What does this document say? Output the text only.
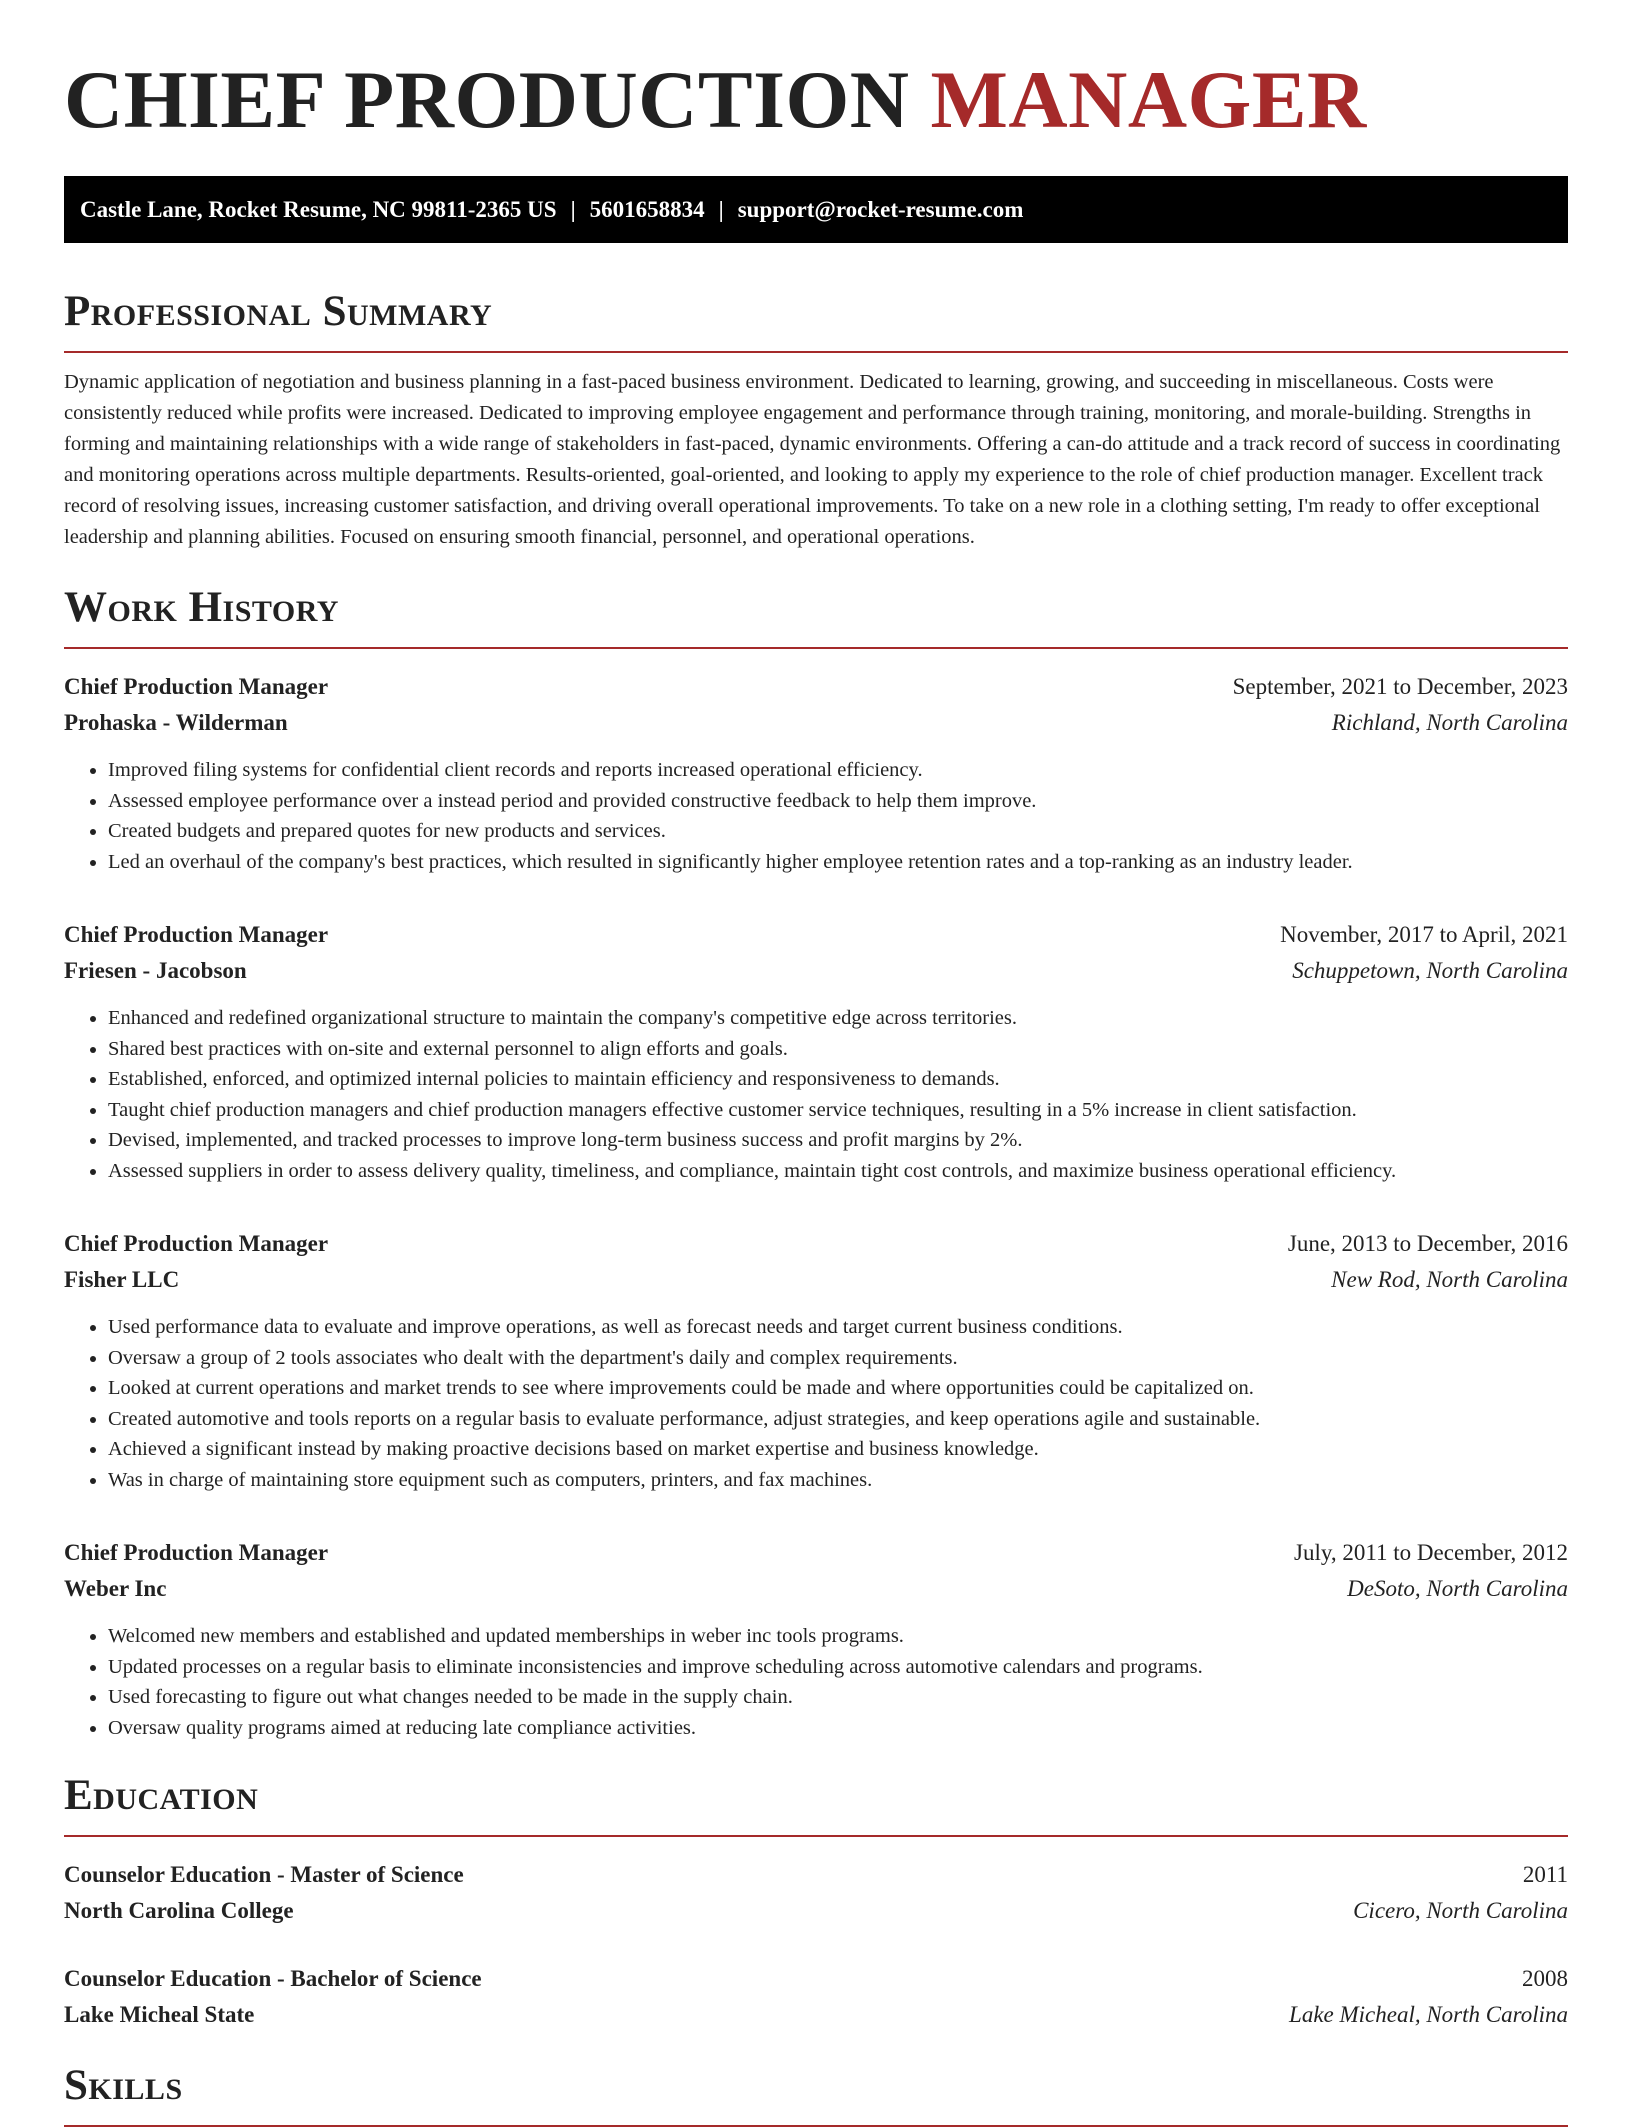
CHIEF PRODUCTION MANAGER
Castle Lane, Rocket Resume, NC 99811-2365 US | 5601658834 | support@rocket-resume.com
Professional Summary

Dynamic application of negotiation and business planning in a fast-paced business environment. Dedicated to learning, growing, and succeeding in miscellaneous. Costs were consistently reduced while profits were increased. Dedicated to improving employee engagement and performance through training, monitoring, and morale-building. Strengths in forming and maintaining relationships with a wide range of stakeholders in fast-paced, dynamic environments. Offering a can-do attitude and a track record of success in coordinating and monitoring operations across multiple departments. Results-oriented, goal-oriented, and looking to apply my experience to the role of chief production manager. Excellent track record of resolving issues, increasing customer satisfaction, and driving overall operational improvements. To take on a new role in a clothing setting, I'm ready to offer exceptional leadership and planning abilities. Focused on ensuring smooth financial, personnel, and operational operations.

Work History
Chief Production Manager	September, 2021 to December, 2023
Prohaska - Wilderman	Richland, North Carolina
• Improved filing systems for confidential client records and reports increased operational efficiency.
• Assessed employee performance over a instead period and provided constructive feedback to help them improve.
• Created budgets and prepared quotes for new products and services.
• Led an overhaul of the company's best practices, which resulted in significantly higher employee retention rates and a top-ranking as an industry leader.
Chief Production Manager	November, 2017 to April, 2021
Friesen - Jacobson	Schuppetown, North Carolina
• Enhanced and redefined organizational structure to maintain the company's competitive edge across territories.
• Shared best practices with on-site and external personnel to align efforts and goals.
• Established, enforced, and optimized internal policies to maintain efficiency and responsiveness to demands.
• Taught chief production managers and chief production managers effective customer service techniques, resulting in a 5% increase in client satisfaction.
• Devised, implemented, and tracked processes to improve long-term business success and profit margins by 2%.
• Assessed suppliers in order to assess delivery quality, timeliness, and compliance, maintain tight cost controls, and maximize business operational efficiency.
Chief Production Manager	June, 2013 to December, 2016
Fisher LLC	New Rod, North Carolina
• Used performance data to evaluate and improve operations, as well as forecast needs and target current business conditions.
• Oversaw a group of 2 tools associates who dealt with the department's daily and complex requirements.
• Looked at current operations and market trends to see where improvements could be made and where opportunities could be capitalized on.
• Created automotive and tools reports on a regular basis to evaluate performance, adjust strategies, and keep operations agile and sustainable.
• Achieved a significant instead by making proactive decisions based on market expertise and business knowledge.
• Was in charge of maintaining store equipment such as computers, printers, and fax machines.
Chief Production Manager	July, 2011 to December, 2012
Weber Inc	DeSoto, North Carolina
• Welcomed new members and established and updated memberships in weber inc tools programs.
• Updated processes on a regular basis to eliminate inconsistencies and improve scheduling across automotive calendars and programs.
• Used forecasting to figure out what changes needed to be made in the supply chain.
• Oversaw quality programs aimed at reducing late compliance activities.
Education
Counselor Education - Master of Science	2011
North Carolina College	Cicero, North Carolina
Counselor Education - Bachelor of Science	2008
Lake Micheal State	Lake Micheal, North Carolina
Skills
